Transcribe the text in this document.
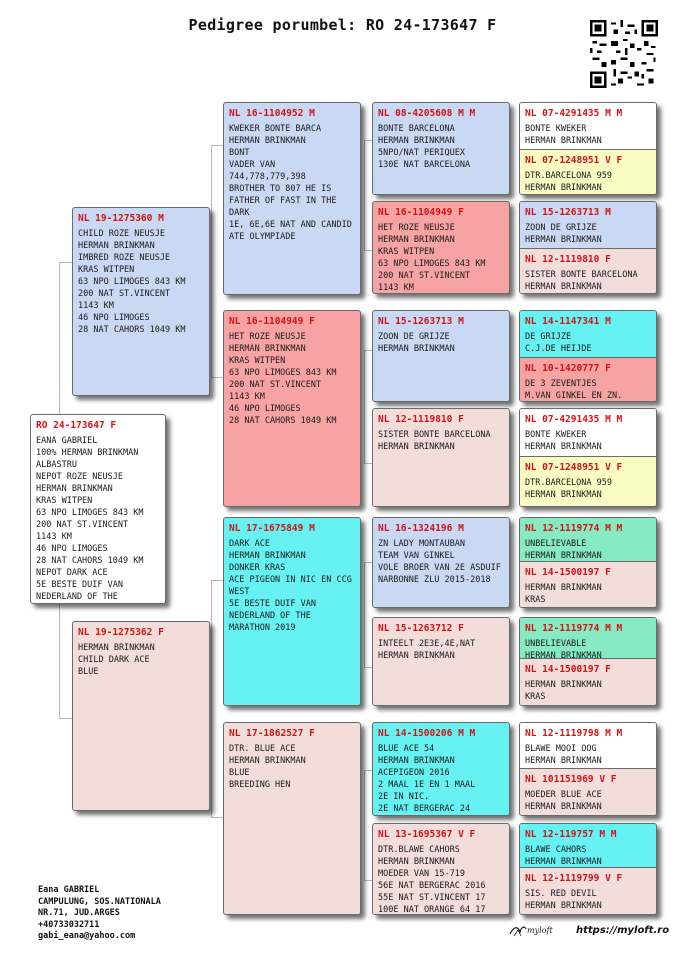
Pedigree porumbel: RO 24-173647 F
RO 24-173647 F
EANA GABRIEL
100% HERMAN BRINKMAN
ALBASTRU
NEPOT ROZE NEUSJE
HERMAN BRINKMAN
KRAS WITPEN
63 NPO LIMOGES 843 KM
200 NAT ST.VINCENT
1143 KM
46 NPO LIMOGES
28 NAT CAHORS 1049 KM
NEPOT DARK ACE
5E BESTE DUIF VAN
NEDERLAND OF THE
NL 19-1275360 M
CHILD ROZE NEUSJE
HERMAN BRINKMAN
IMBRED ROZE NEUSJE
KRAS WITPEN
63 NPO LIMOGES 843 KM
200 NAT ST.VINCENT
1143 KM
46 NPO LIMOGES
28 NAT CAHORS 1049 KM
NL 19-1275362 F
HERMAN BRINKMAN
CHILD DARK ACE
BLUE
NL 16-1104952 M
KWEKER BONTE BARCA
HERMAN BRINKMAN
BONT
VADER VAN
744,778,779,398
BROTHER TO 807 HE IS
FATHER OF FAST IN THE
DARK
1E, 6E,6E NAT AND CANDID
ATE OLYMPIADE
NL 16-1104949 F
HET ROZE NEUSJE
HERMAN BRINKMAN
KRAS WITPEN
63 NPO LIMOGES 843 KM
200 NAT ST.VINCENT
1143 KM
46 NPO LIMOGES
28 NAT CAHORS 1049 KM
NL 17-1675849 M
DARK ACE
HERMAN BRINKMAN
DONKER KRAS
ACE PIGEON IN NIC EN CCG
WEST
5E BESTE DUIF VAN
NEDERLAND OF THE
MARATHON 2019
NL 17-1862527 F
DTR. BLUE ACE
HERMAN BRINKMAN
BLUE
BREEDING HEN
NL 08-4205608 M M
BONTE BARCELONA
HERMAN BRINKMAN
5NPO/NAT PERIQUEX
130E NAT BARCELONA
NL 16-1104949 F
HET ROZE NEUSJE
HERMAN BRINKMAN
KRAS WITPEN
63 NPO LIMOGES 843 KM
200 NAT ST.VINCENT
1143 KM
NL 15-1263713 M
ZOON DE GRIJZE
HERMAN BRINKMAN
NL 12-1119810 F
SISTER BONTE BARCELONA
HERMAN BRINKMAN
NL 16-1324196 M
ZN LADY MONTAUBAN
TEAM VAN GINKEL
VOLE BROER VAN 2E ASDUIF
NARBONNE ZLU 2015-2018
NL 15-1263712 F
INTEELT 2E3E,4E,NAT
HERMAN BRINKMAN
NL 14-1500206 M M
BLUE ACE 54
HERMAN BRINKMAN
ACEPIGEON 2016
2 MAAL 1E EN 1 MAAL
2E IN NIC.
2E NAT BERGERAC 24
NL 13-1695367 V F
DTR.BLAWE CAHORS
HERMAN BRINKMAN
MOEDER VAN 15-719
56E NAT BERGERAC 2016
55E NAT ST.VINCENT 17
100E NAT ORANGE 64 17
NL 07-4291435 M M
BONTE KWEKER
HERMAN BRINKMAN
NL 07-1248951 V F
DTR.BARCELONA 959
HERMAN BRINKMAN
NL 15-1263713 M
ZOON DE GRIJZE
HERMAN BRINKMAN
NL 12-1119810 F
SISTER BONTE BARCELONA
HERMAN BRINKMAN
NL 14-1147341 M
DE GRIJZE
C.J.DE HEIJDE
NL 10-1420777 F
DE 3 ZEVENTJES
M.VAN GINKEL EN ZN.
NL 07-4291435 M M
BONTE KWEKER
HERMAN BRINKMAN
NL 07-1248951 V F
DTR.BARCELONA 959
HERMAN BRINKMAN
NL 12-1119774 M M
UNBELIEVABLE
HERMAN BRINKMAN
NL 14-1500197 F
HERMAN BRINKMAN
KRAS
NL 12-1119774 M M
UNBELIEVABLE
HERMAN BRINKMAN
NL 14-1500197 F
HERMAN BRINKMAN
KRAS
NL 12-1119798 M M
BLAWE MOOI OOG
HERMAN BRINKMAN
NL 101151969 V F
MOEDER BLUE ACE
HERMAN BRINKMAN
NL 12-119757 M M
BLAWE CAHORS
HERMAN BRINKMAN
NL 12-1119799 V F
SIS. RED DEVIL
HERMAN BRINKMAN
Eana GABRIEL
CAMPULUNG, SOS.NATIONALA
NR.71, JUD.ARGES
+40733032711
gabi_eana@yahoo.com
myloft https://myloft.ro
